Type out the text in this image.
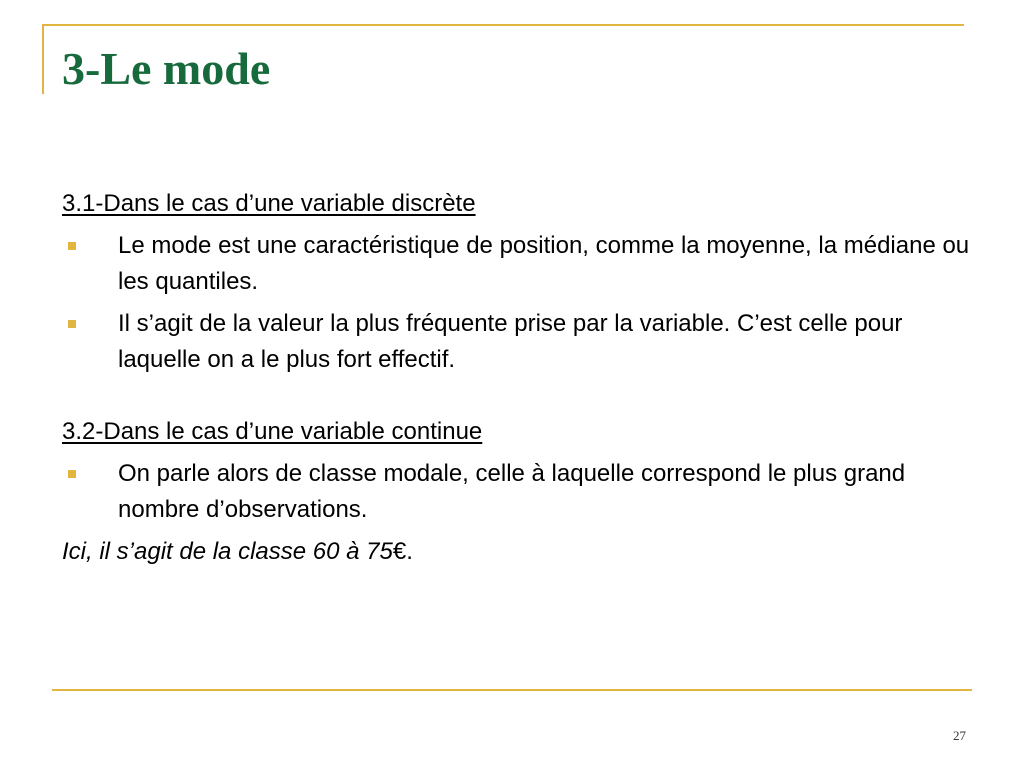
3-Le mode
3.1-Dans le cas d’une variable discrète
Le mode est une caractéristique de position, comme la moyenne, la médiane ou les quantiles.
Il s’agit de la valeur la plus fréquente prise par la variable. C’est celle pour laquelle on a le plus fort effectif.
3.2-Dans le cas d’une variable continue
On parle alors de classe modale, celle à laquelle correspond le plus grand nombre d’observations.
Ici, il s’agit de la classe 60 à 75€.
27
